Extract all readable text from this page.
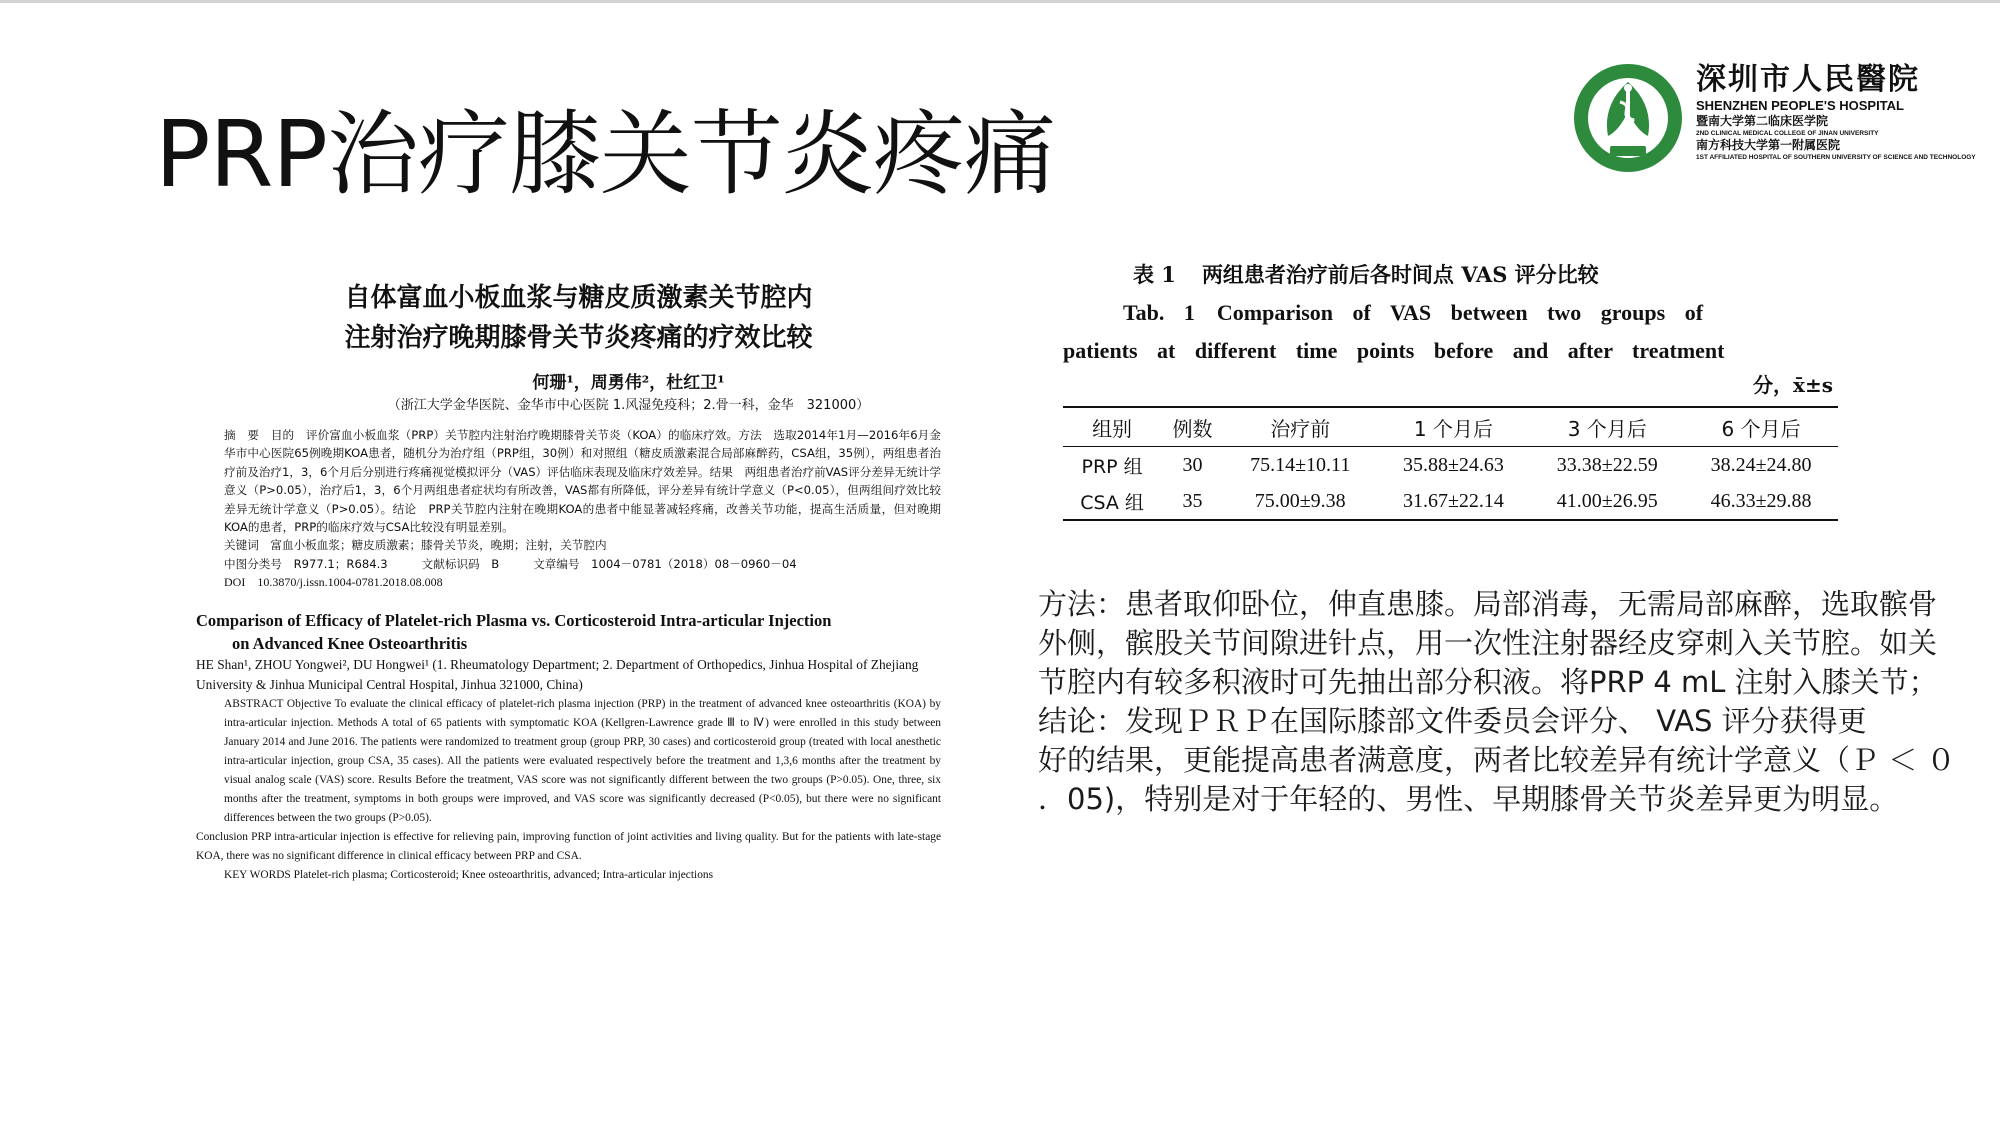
PRP治疗膝关节炎疼痛
深圳市人民醫院
SHENZHEN PEOPLE'S HOSPITAL
暨南大学第二临床医学院
2ND CLINICAL MEDICAL COLLEGE OF JINAN UNIVERSITY
南方科技大学第一附属医院
1ST AFFILIATED HOSPITAL OF SOUTHERN UNIVERSITY OF SCIENCE AND TECHNOLOGY
自体富血小板血浆与糖皮质激素关节腔内
注射治疗晚期膝骨关节炎疼痛的疗效比较
何珊¹，周勇伟²，杜红卫¹
（浙江大学金华医院、金华市中心医院 1.风湿免疫科；2.骨一科，金华　321000）
摘　要　目的　评价富血小板血浆（PRP）关节腔内注射治疗晚期膝骨关节炎（KOA）的临床疗效。方法　选取2014年1月—2016年6月金华市中心医院65例晚期KOA患者，随机分为治疗组（PRP组，30例）和对照组（糖皮质激素混合局部麻醉药，CSA组，35例），两组患者治疗前及治疗1，3，6个月后分别进行疼痛视觉模拟评分（VAS）评估临床表现及临床疗效差异。结果　两组患者治疗前VAS评分差异无统计学意义（P>0.05），治疗后1，3，6个月两组患者症状均有所改善，VAS都有所降低，评分差异有统计学意义（P<0.05），但两组间疗效比较差异无统计学意义（P>0.05）。结论　PRP关节腔内注射在晚期KOA的患者中能显著减轻疼痛，改善关节功能，提高生活质量，但对晚期KOA的患者，PRP的临床疗效与CSA比较没有明显差别。
关键词　富血小板血浆；糖皮质激素；膝骨关节炎，晚期；注射，关节腔内
中图分类号　R977.1；R684.3	文献标识码　B	文章编号　1004－0781（2018）08－0960－04
DOI　10.3870/j.issn.1004-0781.2018.08.008
Comparison of Efficacy of Platelet-rich Plasma vs. Corticosteroid Intra-articular Injection
on Advanced Knee Osteoarthritis
HE Shan¹, ZHOU Yongwei², DU Hongwei¹ (1. Rheumatology Department; 2. Department of Orthopedics, Jinhua Hospital of Zhejiang University & Jinhua Municipal Central Hospital, Jinhua 321000, China)
ABSTRACT Objective To evaluate the clinical efficacy of platelet-rich plasma injection (PRP) in the treatment of advanced knee osteoarthritis (KOA) by intra-articular injection. Methods A total of 65 patients with symptomatic KOA (Kellgren-Lawrence grade Ⅲ to Ⅳ) were enrolled in this study between January 2014 and June 2016. The patients were randomized to treatment group (group PRP, 30 cases) and corticosteroid group (treated with local anesthetic intra-articular injection, group CSA, 35 cases). All the patients were evaluated respectively before the treatment and 1,3,6 months after the treatment by visual analog scale (VAS) score. Results Before the treatment, VAS score was not significantly different between the two groups (P>0.05). One, three, six months after the treatment, symptoms in both groups were improved, and VAS score was significantly decreased (P<0.05), but there were no significant differences between the two groups (P>0.05).
Conclusion PRP intra-articular injection is effective for relieving pain, improving function of joint activities and living quality. But for the patients with late-stage KOA, there was no significant difference in clinical efficacy between PRP and CSA.
KEY WORDS Platelet-rich plasma; Corticosteroid; Knee osteoarthritis, advanced; Intra-articular injections
表 1 两组患者治疗前后各时间点 VAS 评分比较
Tab. 1　Comparison of VAS between two groups of
patients at different time points before and after treatment
分，x̄±s
组别	例数	治疗前	1 个月后	3 个月后	6 个月后
PRP 组	30	75.14±10.11	35.88±24.63	33.38±22.59	38.24±24.80
CSA 组	35	75.00±9.38	31.67±22.14	41.00±26.95	46.33±29.88

方法：患者取仰卧位，伸直患膝。局部消毒，无需局部麻醉，选取髌骨外侧，髌股关节间隙进针点，用一次性注射器经皮穿刺入关节腔。如关节腔内有较多积液时可先抽出部分积液。将PRP 4 mL 注射入膝关节；

结论：发现ＰＲＰ在国际膝部文件委员会评分、 VAS 评分获得更

好的结果，更能提高患者满意度，两者比较差异有统计学意义（Ｐ ＜ ０ ．05)，特别是对于年轻的、男性、早期膝骨关节炎差异更为明显。
